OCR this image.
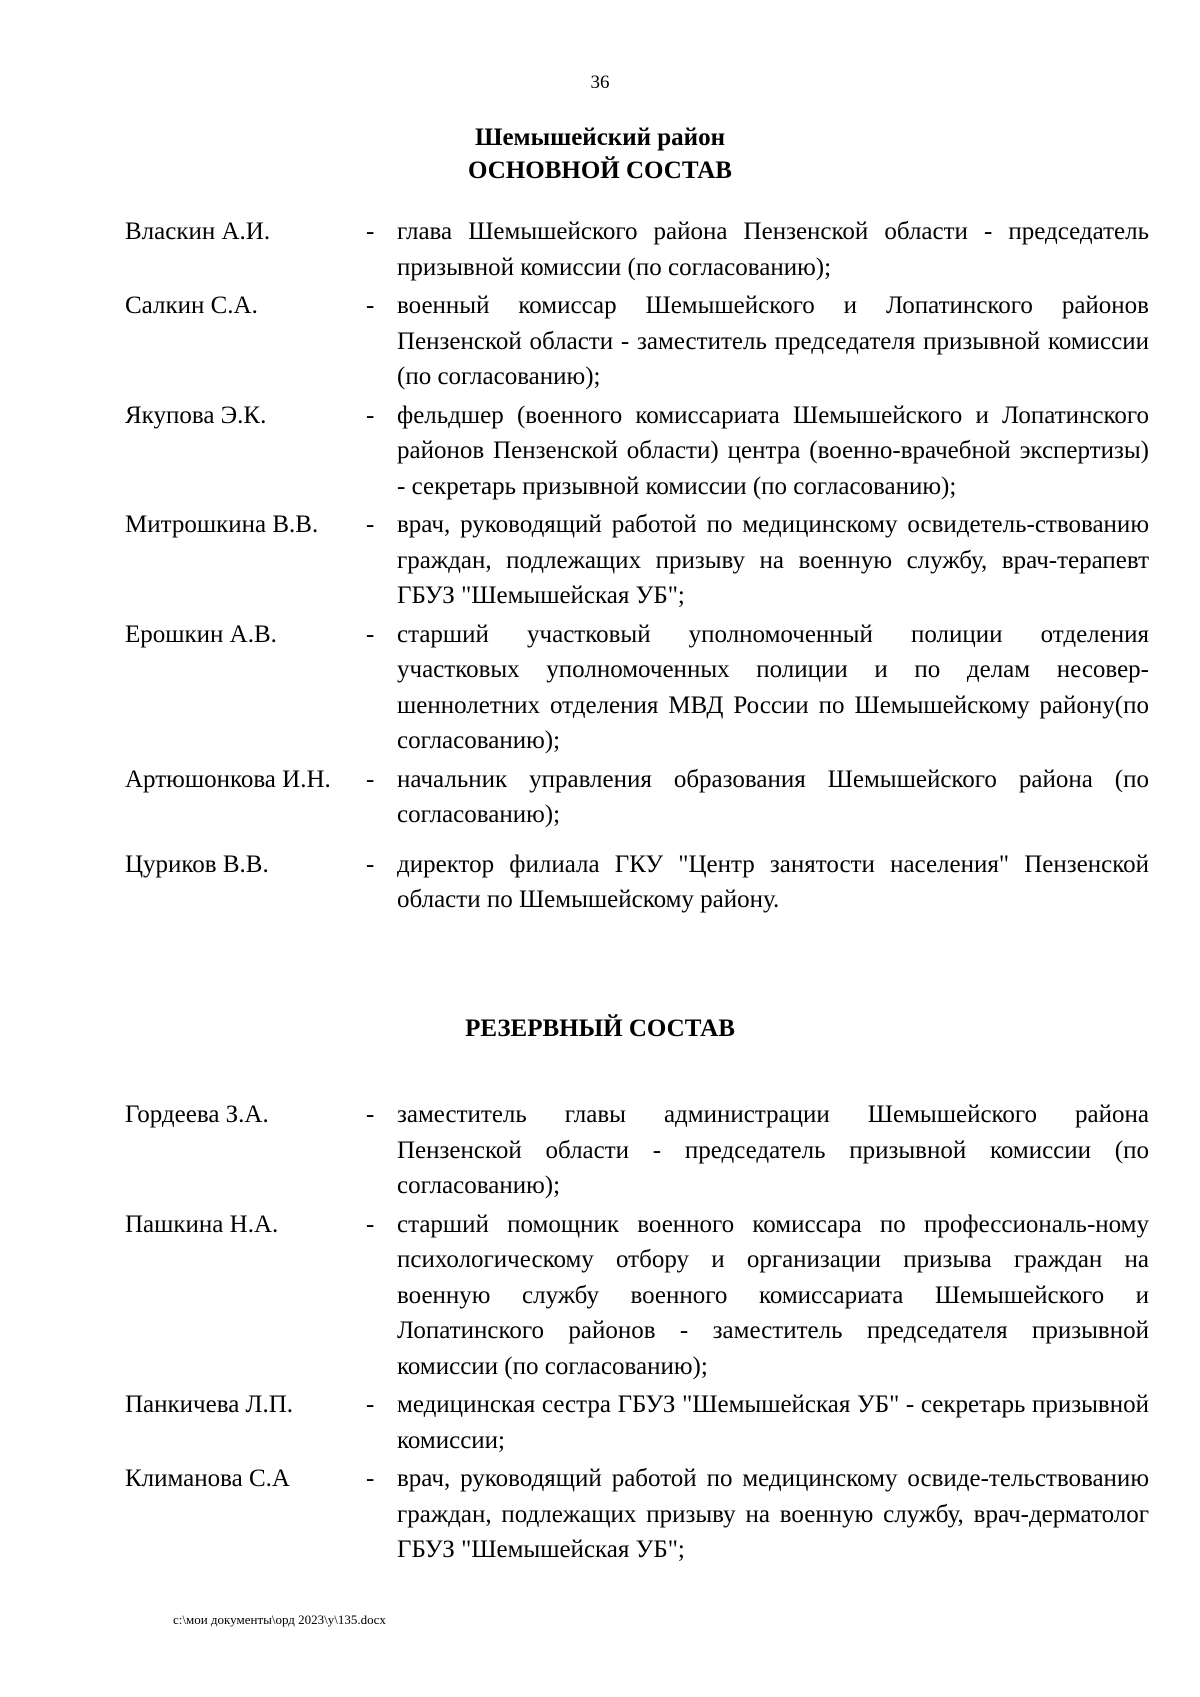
36
Шемышейский район
ОСНОВНОЙ СОСТАВ
Власкин А.И.	- глава Шемышейского района Пензенской области - председатель призывной комиссии (по согласованию);
Салкин С.А.	- военный комиссар Шемышейского и Лопатинского районов Пензенской области - заместитель председателя призывной комиссии (по согласованию);
Якупова Э.К.	- фельдшер (военного комиссариата Шемышейского и Лопатинского районов Пензенской области) центра (военно-врачебной экспертизы) - секретарь призывной комиссии (по согласованию);
Митрошкина В.В.	- врач, руководящий работой по медицинскому освидетель-ствованию граждан, подлежащих призыву на военную службу, врач-терапевт ГБУЗ "Шемышейская УБ";
Ерошкин А.В.	- старший участковый уполномоченный полиции отделения участковых уполномоченных полиции и по делам несовер-шеннолетних отделения МВД России по Шемышейскому району(по согласованию);
Артюшонкова И.Н.	- начальник управления образования Шемышейского района (по согласованию);
Цуриков В.В.	- директор филиала ГКУ "Центр занятости населения" Пензенской области по Шемышейскому району.
РЕЗЕРВНЫЙ СОСТАВ
Гордеева З.А.	- заместитель главы администрации Шемышейского района Пензенской области - председатель призывной комиссии (по согласованию);
Пашкина Н.А.	- старший помощник военного комиссара по профессиональ-ному психологическому отбору и организации призыва граждан на военную службу военного комиссариата Шемышейского и Лопатинского районов - заместитель председателя призывной комиссии (по согласованию);
Панкичева Л.П.	- медицинская сестра ГБУЗ "Шемышейская УБ" - секретарь призывной комиссии;
Климанова С.А	- врач, руководящий работой по медицинскому освиде-тельствованию граждан, подлежащих призыву на военную службу, врач-дерматолог ГБУЗ "Шемышейская УБ";
с:\мои документы\орд 2023\у\135.docx
